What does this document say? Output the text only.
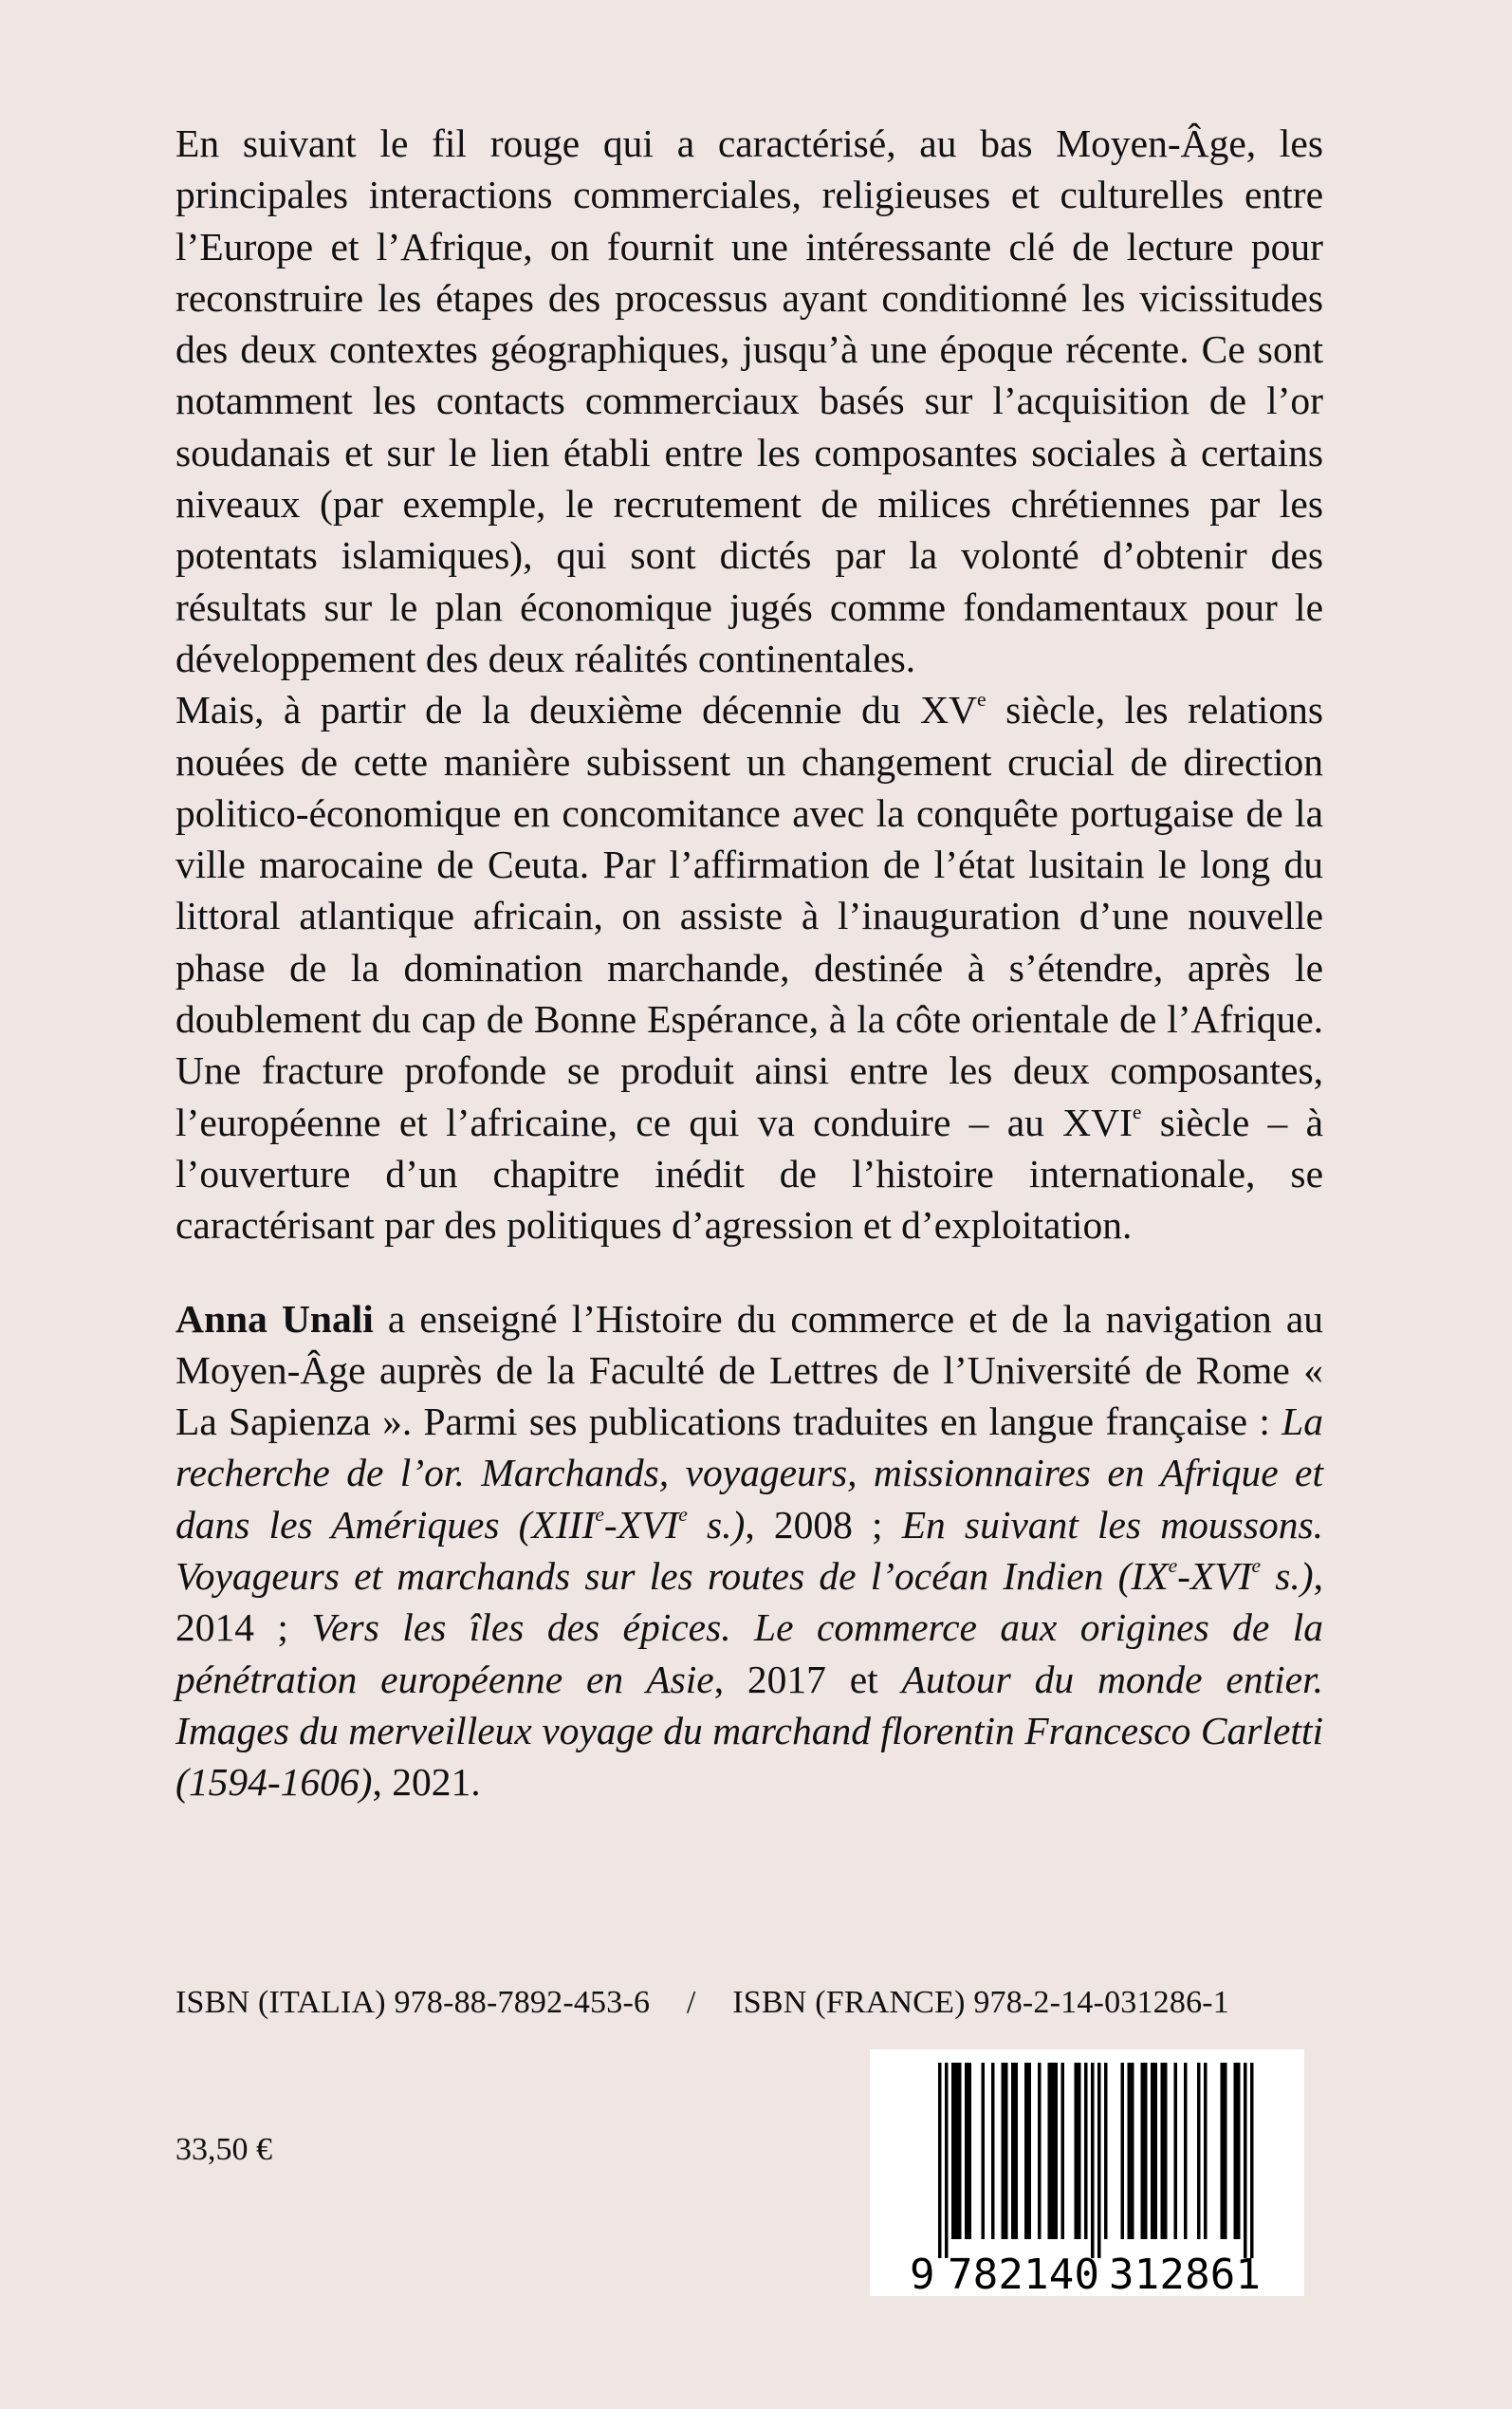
En suivant le fil rouge qui a caractérisé, au bas Moyen-Âge, les principales interactions commerciales, religieuses et culturelles entre l’Europe et l’Afrique, on fournit une intéressante clé de lecture pour reconstruire les étapes des processus ayant conditionné les vicissitudes des deux contextes géographiques, jusqu’à une époque récente. Ce sont notamment les contacts commerciaux basés sur l’acquisition de l’or soudanais et sur le lien établi entre les composantes sociales à certains niveaux (par exemple, le recrutement de milices chrétiennes par les potentats islamiques), qui sont dictés par la volonté d’obtenir des résultats sur le plan économique jugés comme fondamentaux pour le développement des deux réalités continentales.

Mais, à partir de la deuxième décennie du XVe siècle, les relations nouées de cette manière subissent un changement crucial de direction politico-économique en concomitance avec la conquête portugaise de la ville marocaine de Ceuta. Par l’affirmation de l’état lusitain le long du littoral atlantique africain, on assiste à l’inauguration d’une nouvelle phase de la domination marchande, destinée à s’étendre, après le doublement du cap de Bonne Espérance, à la côte orientale de l’Afrique. Une fracture profonde se produit ainsi entre les deux composantes, l’européenne et l’africaine, ce qui va conduire – au XVIe siècle – à l’ouverture d’un chapitre inédit de l’histoire internationale, se caractérisant par des politiques d’agression et d’exploitation.

Anna Unali a enseigné l’Histoire du commerce et de la navigation au Moyen-Âge auprès de la Faculté de Lettres de l’Université de Rome « La Sapienza ». Parmi ses publications traduites en langue française : La recherche de l’or. Marchands, voyageurs, missionnaires en Afrique et dans les Amériques (XIIIe-XVIe s.), 2008 ; En suivant les moussons. Voyageurs et marchands sur les routes de l’océan Indien (IXe-XVIe s.), 2014 ; Vers les îles des épices. Le commerce aux origines de la pénétration européenne en Asie, 2017 et Autour du monde entier. Images du merveilleux voyage du marchand florentin Francesco Carletti (1594-1606), 2021.

ISBN (ITALIA) 978-88-7892-453-6 / ISBN (FRANCE) 978-2-14-031286-1
33,50 €
9 782140 312861
